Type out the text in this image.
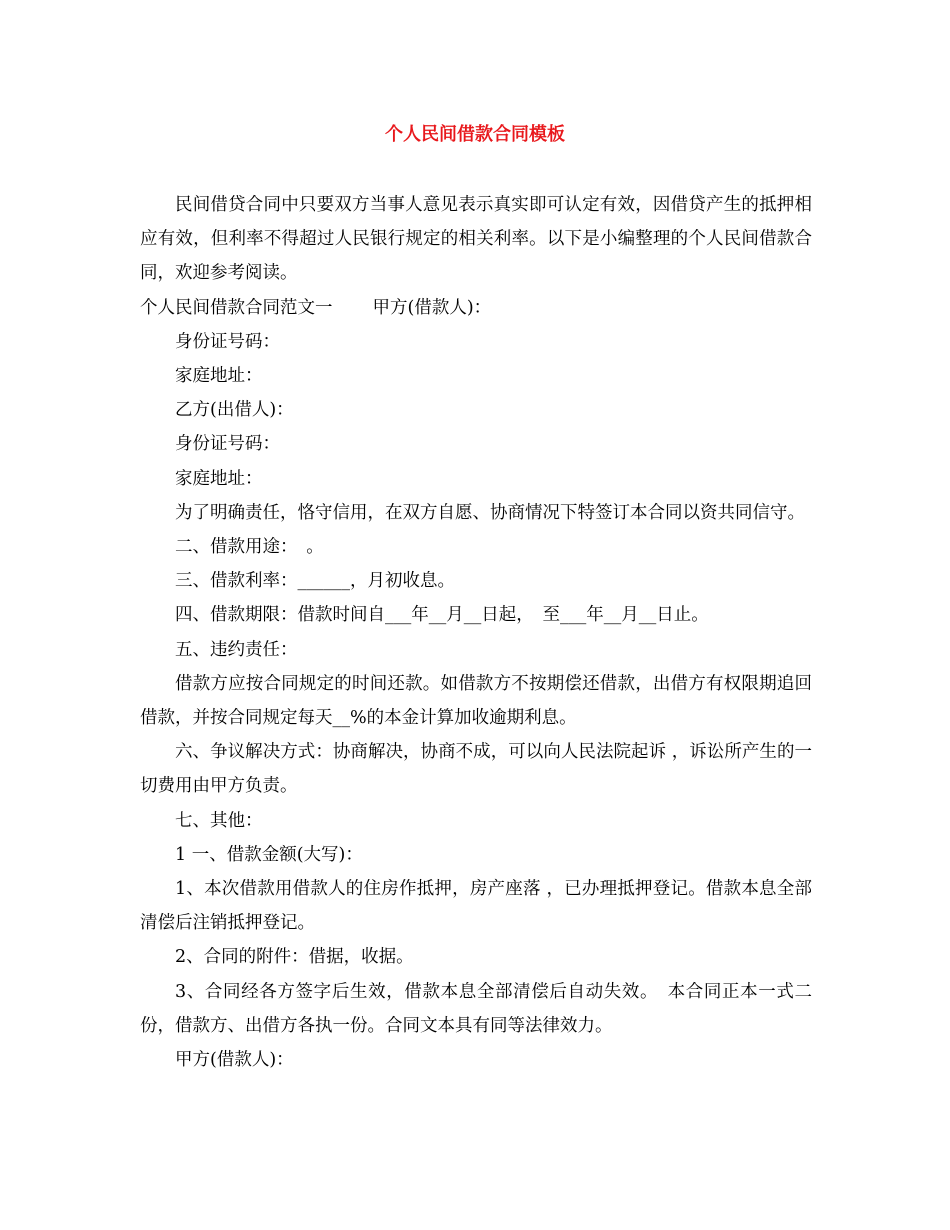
个人民间借款合同模板

民间借贷合同中只要双方当事人意见表示真实即可认定有效，因借贷产生的抵押相应有效，但利率不得超过人民银行规定的相关利率。以下是小编整理的个人民间借款合同，欢迎参考阅读。

个人民间借款合同范文一 甲方(借款人)：

身份证号码：

家庭地址：

乙方(出借人)：

身份证号码：

家庭地址：

为了明确责任，恪守信用，在双方自愿、协商情况下特签订本合同以资共同信守。

二、借款用途：　。

三、借款利率：______，月初收息。

四、借款期限：借款时间自___年__月__日起，　至___年__月__日止。

五、违约责任：

借款方应按合同规定的时间还款。如借款方不按期偿还借款，出借方有权限期追回借款，并按合同规定每天__%的本金计算加收逾期利息。

六、争议解决方式：协商解决，协商不成，可以向人民法院起诉 ，诉讼所产生的一切费用由甲方负责。

七、其他：

1 一、借款金额(大写)：

1、本次借款用借款人的住房作抵押，房产座落 ，已办理抵押登记。借款本息全部清偿后注销抵押登记。

2、合同的附件：借据，收据。

3、合同经各方签字后生效，借款本息全部清偿后自动失效。　本合同正本一式二份，借款方、出借方各执一份。合同文本具有同等法律效力。

甲方(借款人)：
